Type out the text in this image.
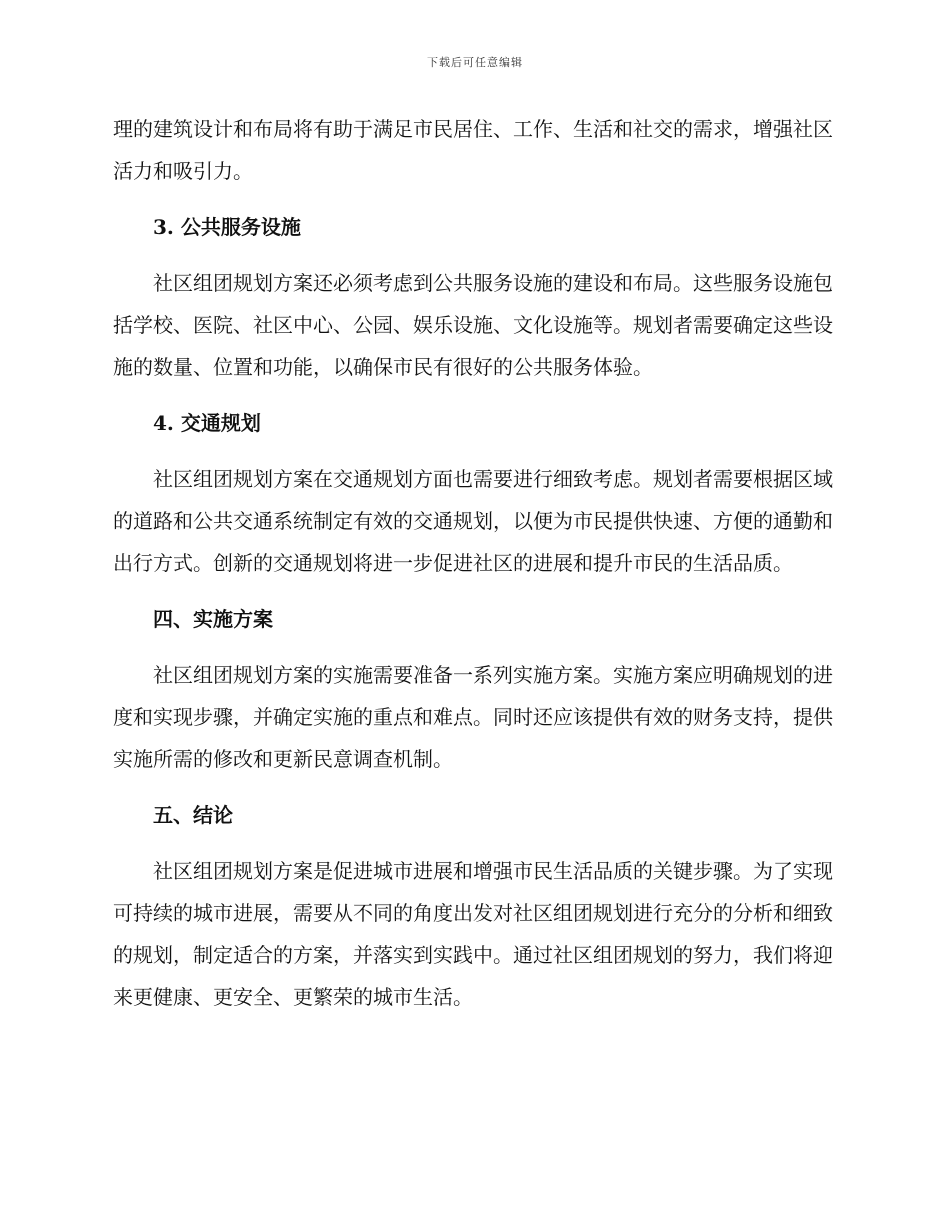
下载后可任意编辑

理的建筑设计和布局将有助于满足市民居住、工作、生活和社交的需求，增强社区活力和吸引力。

3. 公共服务设施

社区组团规划方案还必须考虑到公共服务设施的建设和布局。这些服务设施包括学校、医院、社区中心、公园、娱乐设施、文化设施等。规划者需要确定这些设施的数量、位置和功能，以确保市民有很好的公共服务体验。

4. 交通规划

社区组团规划方案在交通规划方面也需要进行细致考虑。规划者需要根据区域的道路和公共交通系统制定有效的交通规划，以便为市民提供快速、方便的通勤和出行方式。创新的交通规划将进一步促进社区的进展和提升市民的生活品质。

四、实施方案

社区组团规划方案的实施需要准备一系列实施方案。实施方案应明确规划的进度和实现步骤，并确定实施的重点和难点。同时还应该提供有效的财务支持，提供实施所需的修改和更新民意调查机制。

五、结论

社区组团规划方案是促进城市进展和增强市民生活品质的关键步骤。为了实现可持续的城市进展，需要从不同的角度出发对社区组团规划进行充分的分析和细致的规划，制定适合的方案，并落实到实践中。通过社区组团规划的努力，我们将迎来更健康、更安全、更繁荣的城市生活。
